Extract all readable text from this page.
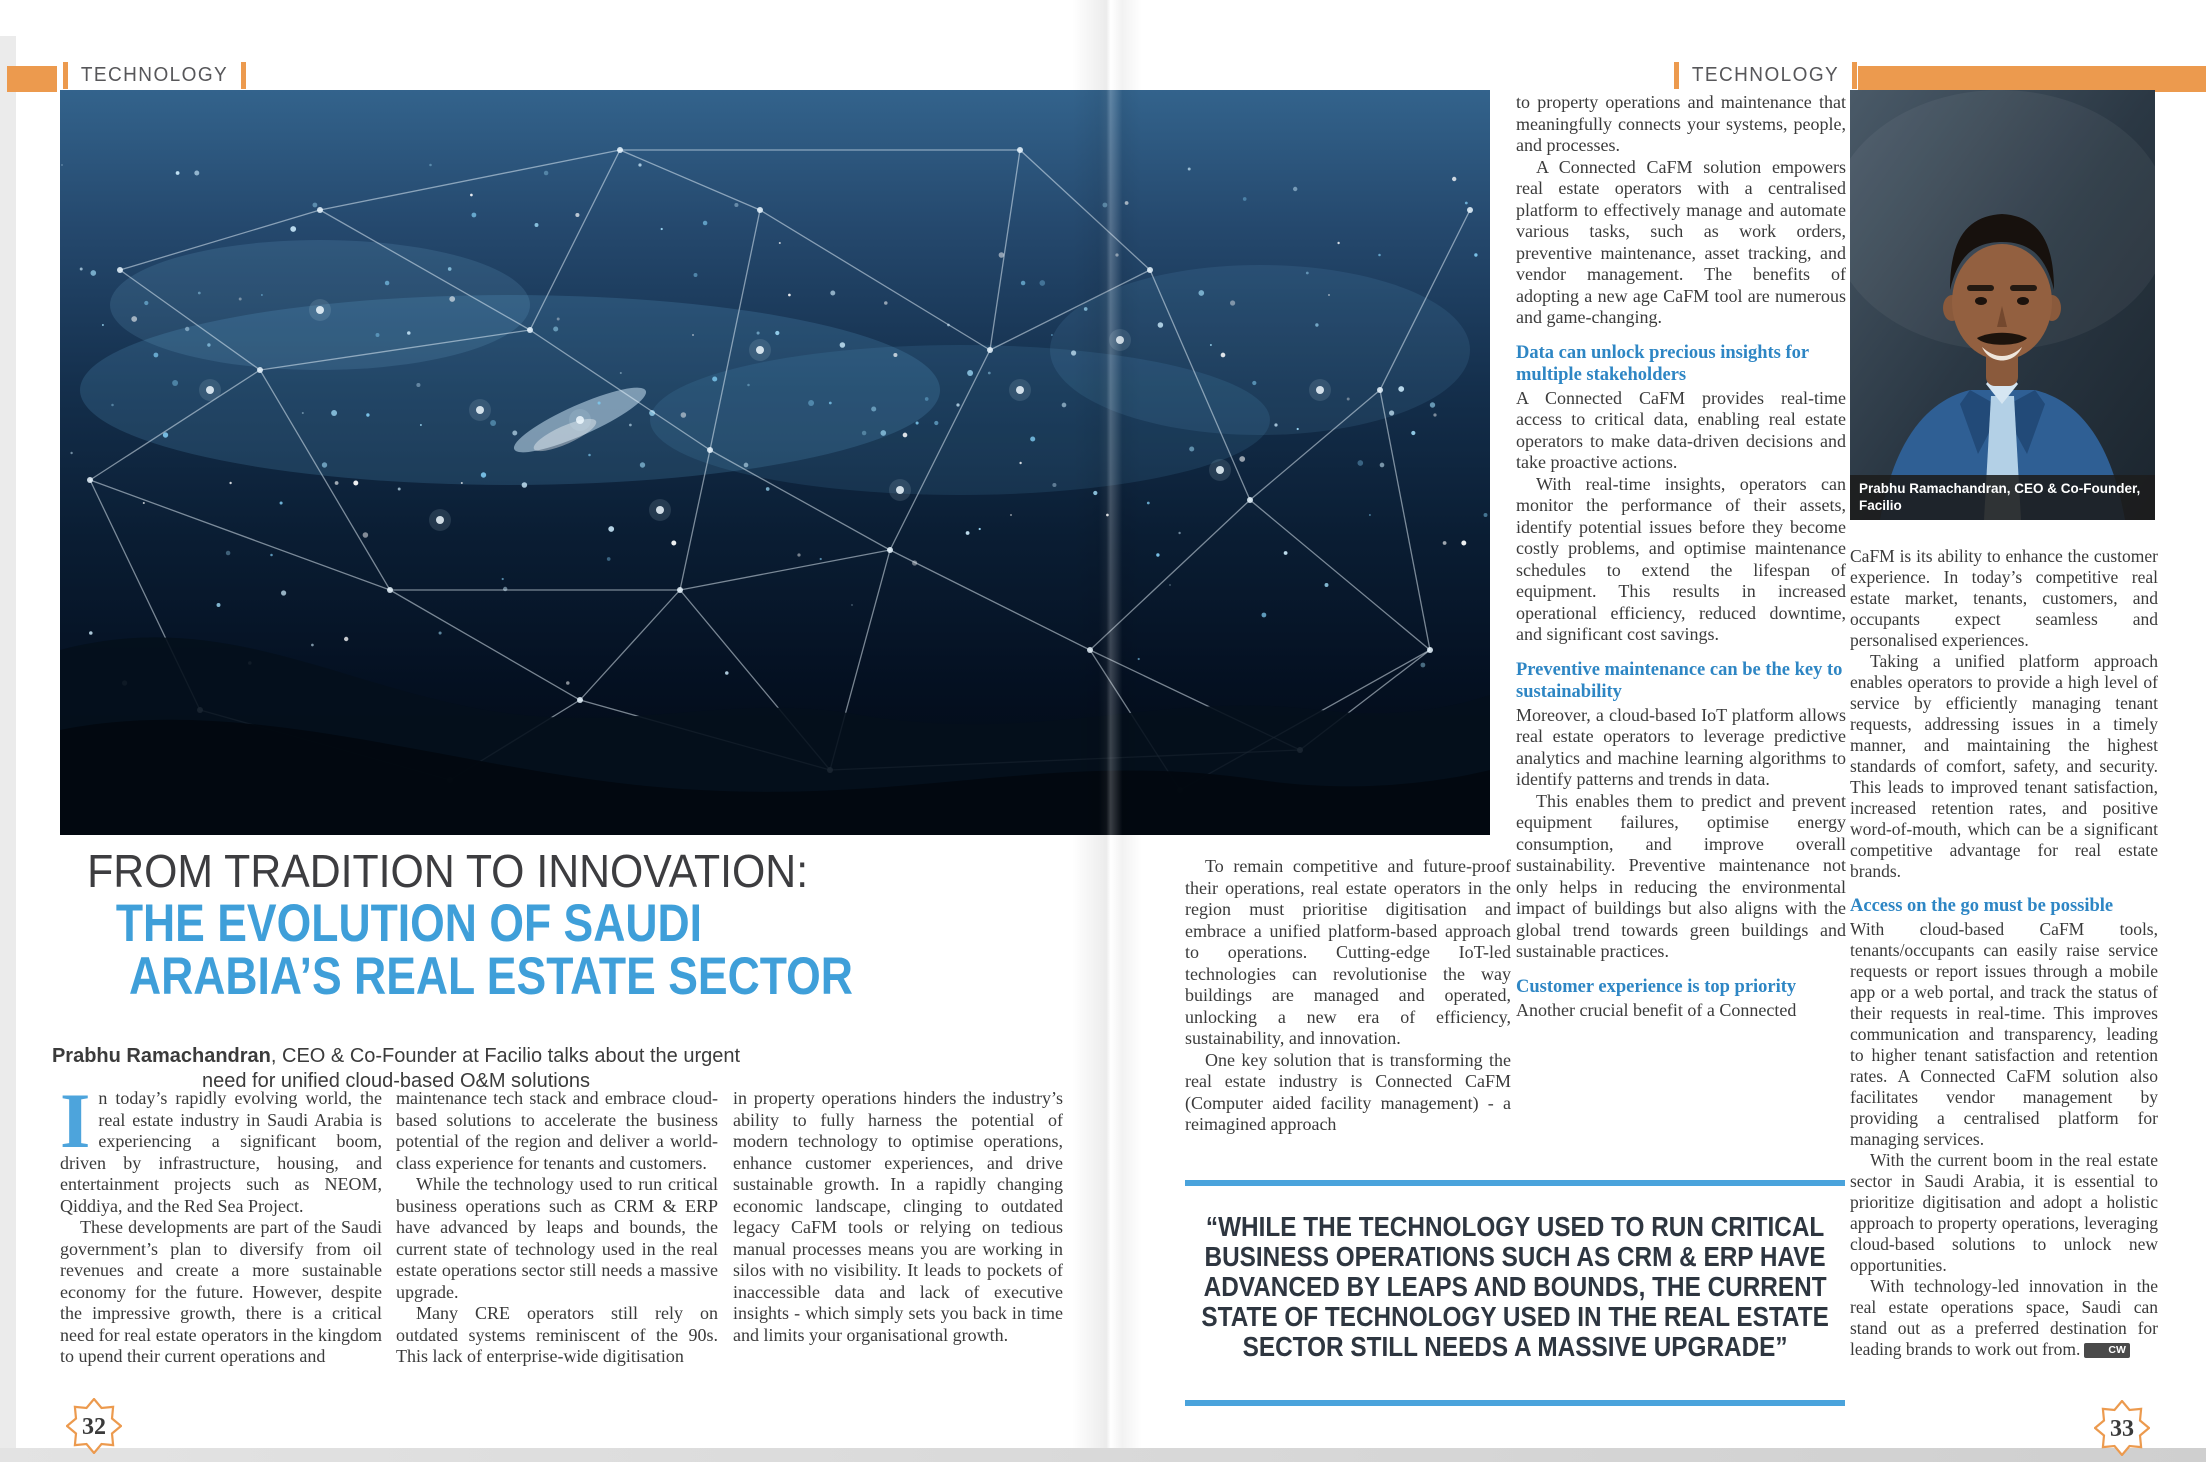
TECHNOLOGY	TECHNOLOGY
FROM TRADITION TO INNOVATION:
THE EVOLUTION OF SAUDI
ARABIA’S REAL ESTATE SECTOR
Prabhu Ramachandran, CEO & Co-Founder at Facilio talks about the urgent need for unified cloud-based O&M solutions

In today’s rapidly evolving world, the real estate industry in Saudi Arabia is experiencing a significant boom, driven by infrastructure, housing, and entertainment projects such as NEOM, Qiddiya, and the Red Sea Project.

These developments are part of the Saudi government’s plan to diversify from oil revenues and create a more sustainable economy for the future. However, despite the impressive growth, there is a critical need for real estate operators in the kingdom to upend their current operations and

maintenance tech stack and embrace cloud-based solutions to accelerate the business potential of the region and deliver a world-class experience for tenants and customers.

While the technology used to run critical business operations such as CRM & ERP have advanced by leaps and bounds, the current state of technology used in the real estate operations sector still needs a massive upgrade.

Many CRE operators still rely on outdated systems reminiscent of the 90s. This lack of enterprise-wide digitisation

in property operations hinders the industry’s ability to fully harness the potential of modern technology to optimise operations, enhance customer experiences, and drive sustainable growth. In a rapidly changing economic landscape, clinging to outdated legacy CaFM tools or relying on tedious manual processes means you are working in silos with no visibility. It leads to pockets of inaccessible data and lack of executive insights - which simply sets you back in time and limits your organisational growth.

To remain competitive and future-proof their operations, real estate operators in the region must prioritise digitisation and embrace a unified platform-based approach to operations. Cutting-edge IoT-led technologies can revolutionise the way buildings are managed and operated, unlocking a new era of efficiency, sustainability, and innovation.

One key solution that is transforming the real estate industry is Connected CaFM (Computer aided facility management) - a reimagined approach

“WHILE THE TECHNOLOGY USED TO RUN CRITICAL BUSINESS OPERATIONS SUCH AS CRM & ERP HAVE ADVANCED BY LEAPS AND BOUNDS, THE CURRENT STATE OF TECHNOLOGY USED IN THE REAL ESTATE SECTOR STILL NEEDS A MASSIVE UPGRADE”

to property operations and maintenance that meaningfully connects your systems, people, and processes.

A Connected CaFM solution empowers real estate operators with a centralised platform to effectively manage and automate various tasks, such as work orders, preventive maintenance, asset tracking, and vendor management. The benefits of adopting a new age CaFM tool are numerous and game-changing.

Data can unlock precious insights for multiple stakeholders

A Connected CaFM provides real-time access to critical data, enabling real estate operators to make data-driven decisions and take proactive actions.

With real-time insights, operators can monitor the performance of their assets, identify potential issues before they become costly problems, and optimise maintenance schedules to extend the lifespan of equipment. This results in increased operational efficiency, reduced downtime, and significant cost savings.

Preventive maintenance can be the key to sustainability

Moreover, a cloud-based IoT platform allows real estate operators to leverage predictive analytics and machine learning algorithms to identify patterns and trends in data.

This enables them to predict and prevent equipment failures, optimise energy consumption, and improve overall sustainability. Preventive maintenance not only helps in reducing the environmental impact of buildings but also aligns with the global trend towards green buildings and sustainable practices.

Customer experience is top priority

Another crucial benefit of a Connected

Prabhu Ramachandran, CEO & Co-Founder,
Facilio

CaFM is its ability to enhance the customer experience. In today’s competitive real estate market, tenants, customers, and occupants expect seamless and personalised experiences.

Taking a unified platform approach enables operators to provide a high level of service by efficiently managing tenant requests, addressing issues in a timely manner, and maintaining the highest standards of comfort, safety, and security. This leads to improved tenant satisfaction, increased retention rates, and positive word-of-mouth, which can be a significant competitive advantage for real estate brands.

Access on the go must be possible

With cloud-based CaFM tools, tenants/occupants can easily raise service requests or report issues through a mobile app or a web portal, and track the status of their requests in real-time. This improves communication and transparency, leading to higher tenant satisfaction and retention rates. A Connected CaFM solution also facilitates vendor management by providing a centralised platform for managing services.

With the current boom in the real estate sector in Saudi Arabia, it is essential to prioritize digitisation and adopt a holistic approach to property operations, leveraging cloud-based solutions to unlock new opportunities.

With technology-led innovation in the real estate operations space, Saudi can stand out as a preferred destination for leading brands to work out from.	CW

32	33
